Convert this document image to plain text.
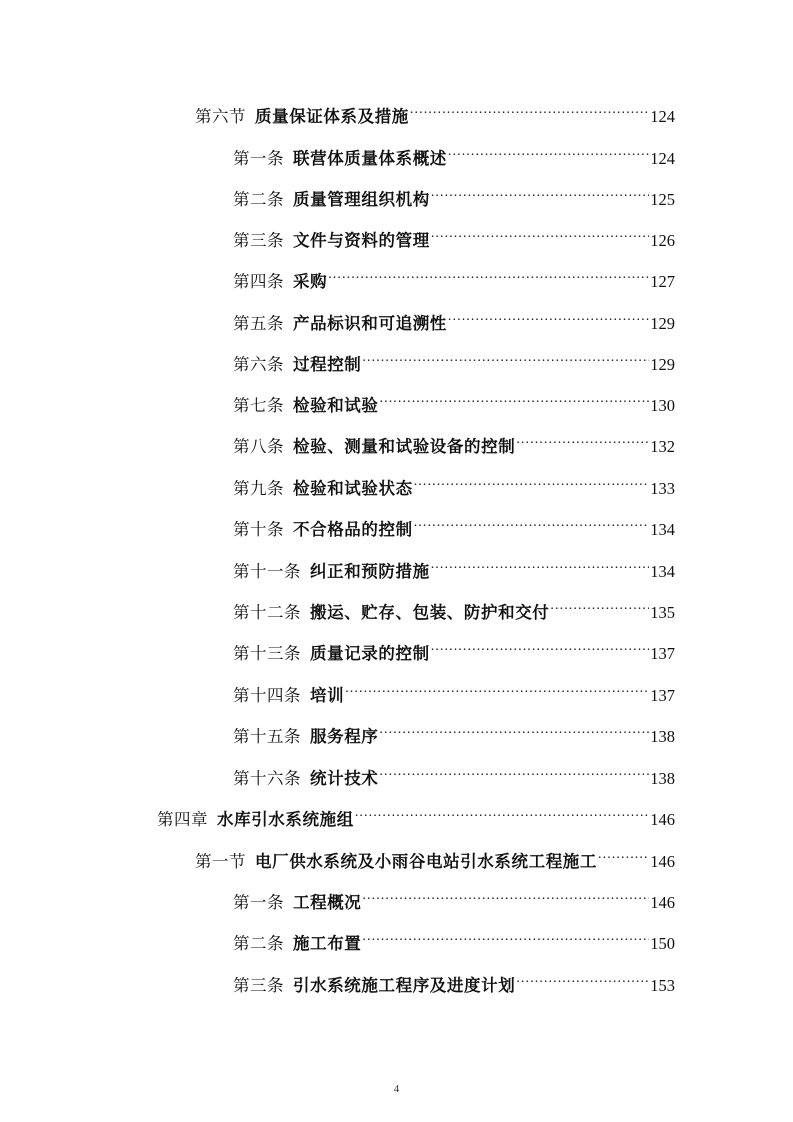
第六节 质量保证体系及措施 .....	124
第一条 联营体质量体系概述 .....	124
第二条 质量管理组织机构 .....	125
第三条 文件与资料的管理 .....	126
第四条 采购 .....	127
第五条 产品标识和可追溯性 .....	129
第六条 过程控制 .....	129
第七条 检验和试验 .....	130
第八条 检验、测量和试验设备的控制 .....	132
第九条 检验和试验状态 .....	133
第十条 不合格品的控制 .....	134
第十一条 纠正和预防措施 .....	134
第十二条 搬运、贮存、包装、防护和交付 .....	135
第十三条 质量记录的控制 .....	137
第十四条 培训 .....	137
第十五条 服务程序 .....	138
第十六条 统计技术 .....	138
第四章 水库引水系统施组 .....	146
第一节 电厂供水系统及小雨谷电站引水系统工程施工 .....	146
第一条 工程概况 .....	146
第二条 施工布置 .....	150
第三条 引水系统施工程序及进度计划 .....	153
4
